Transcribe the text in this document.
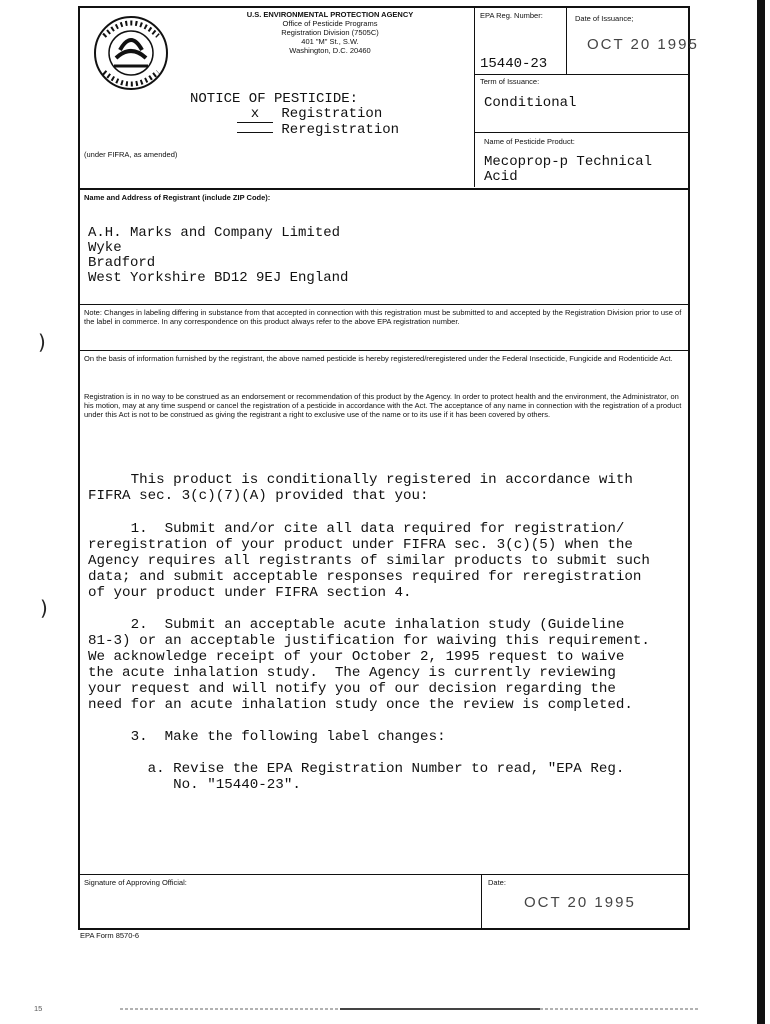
)
)
U.S. ENVIRONMENTAL PROTECTION AGENCY
Office of Pesticide Programs
Registration Division (7505C)
401 "M" St., S.W.
Washington, D.C. 20460
NOTICE OF PESTICIDE:
x Registration
Reregistration
(under FIFRA, as amended)
EPA Reg. Number:
15440-23
Date of Issuance;
OCT 20 1995
Term of Issuance:
Conditional
Name of Pesticide Product:
Mecoprop-p Technical
Acid
Name and Address of Registrant (include ZIP Code):
A.H. Marks and Company Limited
Wyke
Bradford
West Yorkshire BD12 9EJ England
Note: Changes in labeling differing in substance from that accepted in connection with this registration must be submitted to and accepted by the Registration Division prior to use of the label in commerce. In any correspondence on this product always refer to the above EPA registration number.
On the basis of information furnished by the registrant, the above named pesticide is hereby registered/reregistered under the Federal Insecticide, Fungicide and Rodenticide Act.
Registration is in no way to be construed as an endorsement or recommendation of this product by the Agency. In order to protect health and the environment, the Administrator, on his motion, may at any time suspend or cancel the registration of a pesticide in accordance with the Act. The acceptance of any name in connection with the registration of a product under this Act is not to be construed as giving the registrant a right to exclusive use of the name or to its use if it has been covered by others.
This product is conditionally registered in accordance with
FIFRA sec. 3(c)(7)(A) provided that you:
1.  Submit and/or cite all data required for registration/
reregistration of your product under FIFRA sec. 3(c)(5) when the
Agency requires all registrants of similar products to submit such
data; and submit acceptable responses required for reregistration
of your product under FIFRA section 4.
2.  Submit an acceptable acute inhalation study (Guideline
81-3) or an acceptable justification for waiving this requirement.
We acknowledge receipt of your October 2, 1995 request to waive
the acute inhalation study.  The Agency is currently reviewing
your request and will notify you of our decision regarding the
need for an acute inhalation study once the review is completed.
3.  Make the following label changes:
a. Revise the EPA Registration Number to read, "EPA Reg.
No. "15440-23".
Signature of Approving Official:	Date:
OCT 20 1995
EPA Form 8570-6
15
